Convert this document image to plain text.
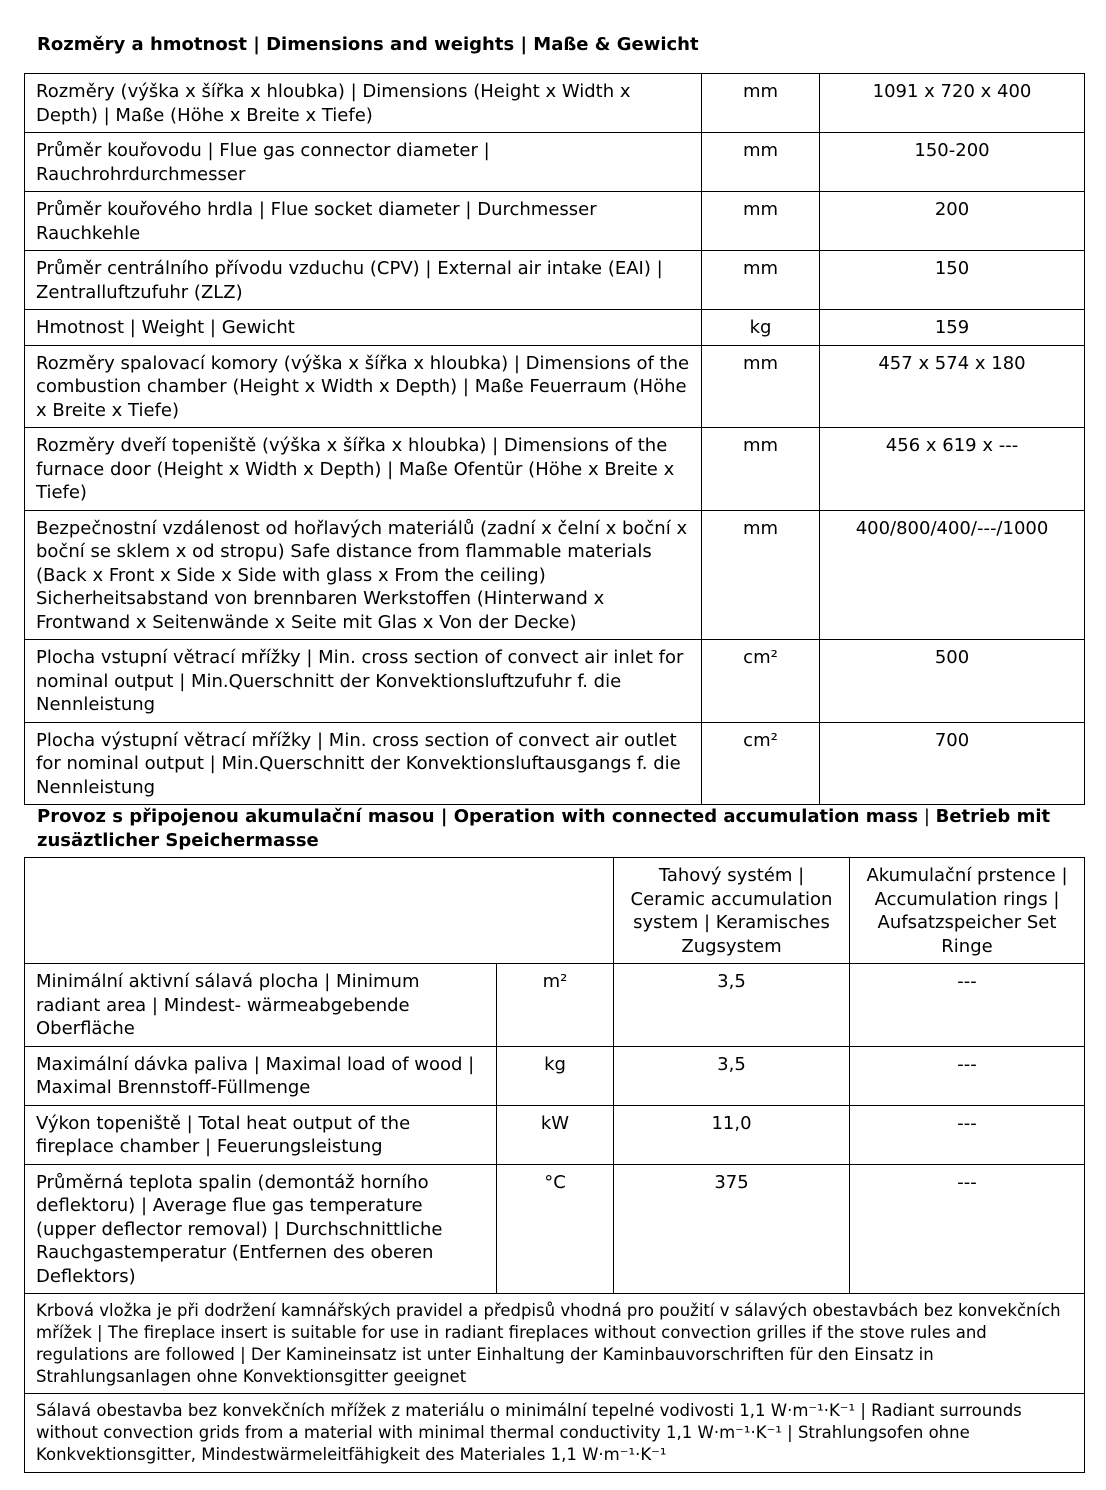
Rozměry a hmotnost | Dimensions and weights | Maße & Gewicht

Rozměry (výška x šířka x hloubka) | Dimensions (Height x Width x Depth) | Maße (Höhe x Breite x Tiefe)	mm	1091 x 720 x 400
Průměr kouřovodu | Flue gas connector diameter | Rauchrohrdurchmesser	mm	150-200
Průměr kouřového hrdla | Flue socket diameter | Durchmesser Rauchkehle	mm	200
Průměr centrálního přívodu vzduchu (CPV) | External air intake (EAI) | Zentralluftzufuhr (ZLZ)	mm	150
Hmotnost | Weight | Gewicht	kg	159
Rozměry spalovací komory (výška x šířka x hloubka) | Dimensions of the combustion chamber (Height x Width x Depth) | Maße Feuerraum (Höhe x Breite x Tiefe)	mm	457 x 574 x 180
Rozměry dveří topeniště (výška x šířka x hloubka) | Dimensions of the furnace door (Height x Width x Depth) | Maße Ofentür (Höhe x Breite x Tiefe)	mm	456 x 619 x ---
Bezpečnostní vzdálenost od hořlavých materiálů (zadní x čelní x boční x boční se sklem x od stropu) Safe distance from flammable materials (Back x Front x Side x Side with glass x From the ceiling) Sicherheitsabstand von brennbaren Werkstoffen (Hinterwand x Frontwand x Seitenwände x Seite mit Glas x Von der Decke)	mm	400/800/400/---/1000
Plocha vstupní větrací mřížky | Min. cross section of convect air inlet for nominal output | Min.Querschnitt der Konvektionsluftzufuhr f. die Nennleistung	cm²	500
Plocha výstupní větrací mřížky | Min. cross section of convect air outlet for nominal output | Min.Querschnitt der Konvektionsluftausgangs f. die Nennleistung	cm²	700

Provoz s připojenou akumulační masou | Operation with connected accumulation mass | Betrieb mit zusäztlicher Speichermasse

		Tahový systém | Ceramic accumulation system | Keramisches Zugsystem	Akumulační prstence | Accumulation rings | Aufsatzspeicher Set Ringe
Minimální aktivní sálavá plocha | Minimum radiant area | Mindest- wärmeabgebende Oberfläche	m²	3,5	---
Maximální dávka paliva | Maximal load of wood | Maximal Brennstoff-Füllmenge	kg	3,5	---
Výkon topeniště | Total heat output of the fireplace chamber | Feuerungsleistung	kW	11,0	---
Průměrná teplota spalin (demontáž horního deflektoru) | Average flue gas temperature (upper deflector removal) | Durchschnittliche Rauchgastemperatur (Entfernen des oberen Deflektors)	°C	375	---
Krbová vložka je při dodržení kamnářských pravidel a předpisů vhodná pro použití v sálavých obestavbách bez konvekčních mřížek | The fireplace insert is suitable for use in radiant fireplaces without convection grilles if the stove rules and regulations are followed | Der Kamineinsatz ist unter Einhaltung der Kaminbauvorschriften für den Einsatz in Strahlungsanlagen ohne Konvektionsgitter geeignet			
Sálavá obestavba bez konvekčních mřížek z materiálu o minimální tepelné vodivosti 1,1 W·m⁻¹·K⁻¹ | Radiant surrounds without convection grids from a material with minimal thermal conductivity 1,1 W·m⁻¹·K⁻¹ | Strahlungsofen ohne Konkvektionsgitter, Mindestwärmeleitfähigkeit des Materiales 1,1 W·m⁻¹·K⁻¹			
